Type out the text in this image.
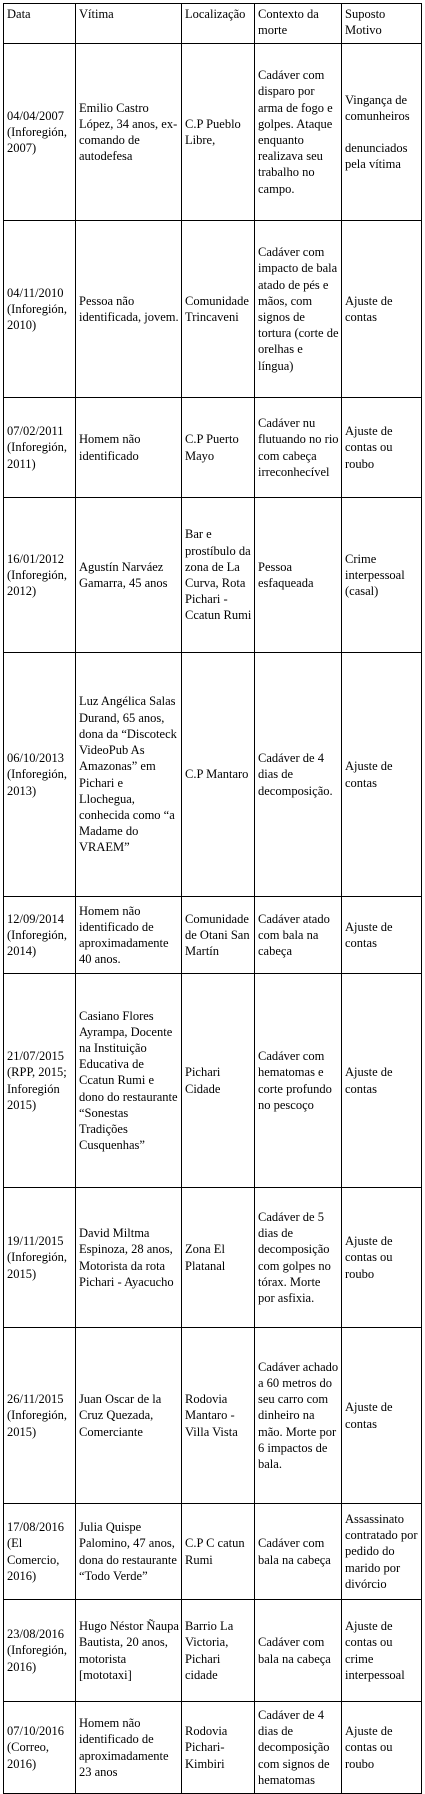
Data	Vítima	Localização	Contexto da morte	Suposto Motivo
04/04/2007 (Inforegión, 2007)	Emilio Castro López, 34 anos, ex-comando de autodefesa	C.P Pueblo Libre,	Cadáver com disparo por arma de fogo e golpes. Ataque enquanto realizava seu trabalho no campo.	Vingança de comunheiros
denunciados pela vítima

04/11/2010 (Inforegión, 2010)	Pessoa não identificada, jovem.	Comunidade Trincaveni	Cadáver com impacto de bala atado de pés e mãos, com signos de tortura (corte de orelhas e língua)	Ajuste de contas
07/02/2011 (Inforegión, 2011)	Homem não identificado	C.P Puerto Mayo	Cadáver nu flutuando no rio com cabeça irreconhecível	Ajuste de contas ou roubo
16/01/2012 (Inforegión, 2012)	Agustín Narváez Gamarra, 45 anos	Bar e prostíbulo da zona de La Curva, Rota Pichari - Ccatun Rumi	Pessoa esfaqueada	Crime interpessoal (casal)
06/10/2013 (Inforegión, 2013)	Luz Angélica Salas Durand, 65 anos, dona da “Discoteck VideoPub As Amazonas” em Pichari e Llochegua, conhecida como “a Madame do VRAEM”	C.P Mantaro	Cadáver de 4 dias de decomposição.	Ajuste de contas
12/09/2014 (Inforegión, 2014)	Homem não identificado de aproximadamente 40 anos.	Comunidade de Otani San Martín	Cadáver atado com bala na cabeça	Ajuste de contas
21/07/2015 (RPP, 2015; Inforegión 2015)	Casiano Flores Ayrampa, Docente na Instituição Educativa de Ccatun Rumi e dono do restaurante “Sonestas Tradições Cusquenhas”	Pichari Cidade	Cadáver com hematomas e corte profundo no pescoço	Ajuste de contas
19/11/2015 (Inforegión, 2015)	David Miltma Espinoza, 28 anos, Motorista da rota Pichari - Ayacucho	Zona El Platanal	Cadáver de 5 dias de decomposição com golpes no tórax. Morte por asfixia.	Ajuste de contas ou roubo
26/11/2015 (Inforegión, 2015)	Juan Oscar de la Cruz Quezada, Comerciante	Rodovia Mantaro - Villa Vista	Cadáver achado a 60 metros do seu carro com dinheiro na mão. Morte por 6 impactos de bala.	Ajuste de contas
17/08/2016 (El Comercio, 2016)	Julia Quispe Palomino, 47 anos, dona do restaurante “Todo Verde”	C.P C catun Rumi	Cadáver com bala na cabeça	Assassinato contratado por pedido do marido por divórcio
23/08/2016 (Inforegión, 2016)	Hugo Néstor Ñaupa Bautista, 20 anos, motorista [mototaxi]	Barrio La Victoria, Pichari cidade	Cadáver com bala na cabeça	Ajuste de contas ou crime interpessoal
07/10/2016 (Correo, 2016)	Homem não identificado de aproximadamente 23 anos	Rodovia Pichari-Kimbiri	Cadáver de 4 dias de decomposição com signos de hematomas	Ajuste de contas ou roubo
